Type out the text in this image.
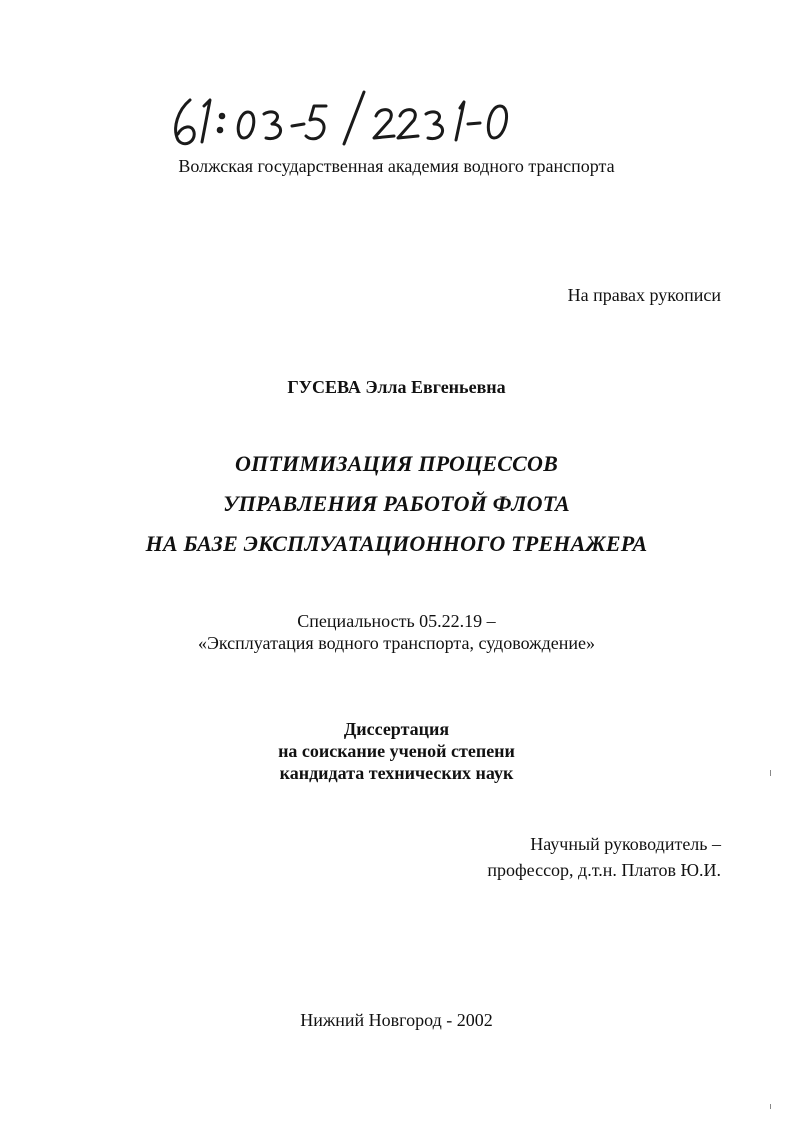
Волжская государственная академия водного транспорта
На правах рукописи
ГУСЕВА Элла Евгеньевна
ОПТИМИЗАЦИЯ ПРОЦЕССОВ
УПРАВЛЕНИЯ РАБОТОЙ ФЛОТА
НА БАЗЕ ЭКСПЛУАТАЦИОННОГО ТРЕНАЖЕРА
Специальность 05.22.19 –
«Эксплуатация водного транспорта, судовождение»
Диссертация
на соискание ученой степени
кандидата технических наук
Научный руководитель –
профессор, д.т.н. Платов Ю.И.
Нижний Новгород - 2002
